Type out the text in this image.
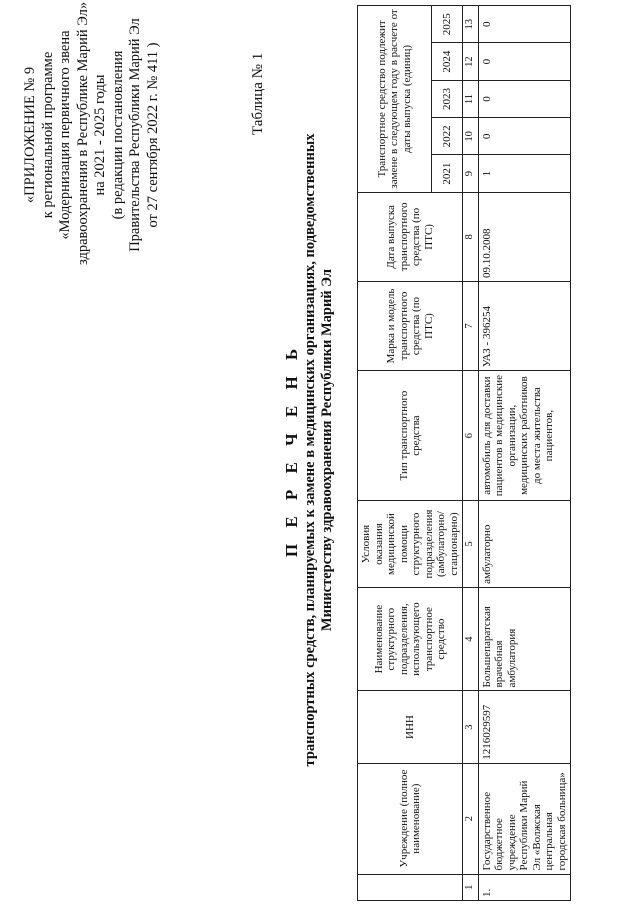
«ПРИЛОЖЕНИЕ № 9 к региональной программе «Модернизация первичного звена здравоохранения в Республике Марий Эл» на 2021 - 2025 годы (в редакции постановления Правительства Республики Марий Эл от 27 сентября 2022 г. № 411 )	Таблица № 1
П Е Р Е Ч Е Н Ь транспортных средств, планируемых к замене в медицинских организациях, подведомственных Министерству здравоохранения Республики Марий Эл
	Учреждение (полное наименование)	ИНН	Наименование структурного подразделения, использующего транспортное средство	Условия оказания медицинской помощи структурного подразделения (амбулаторно/ стационарно)	Тип транспортного средства	Марка и модель транспортного средства (по ПТС)	Дата выпуска транспортного средства (по ПТС)	Транспортное средство подлежит замене в следующем году в расчете от даты выпуска (единиц)				
								2021	2022	2023	2024	2025
1	2	3	4	5	6	7	8	9	10	11	12	13
1.	Государственное бюджетное учреждение Республики Марий Эл «Волжская центральная городская больница»	1216029597	Большепаратская врачебная амбулатория	амбулаторно	автомобиль для доставки пациентов в медицинские организации, медицинских работников до места жительства пациентов,	УАЗ - 396254	09.10.2008	1	0	0	0	0
